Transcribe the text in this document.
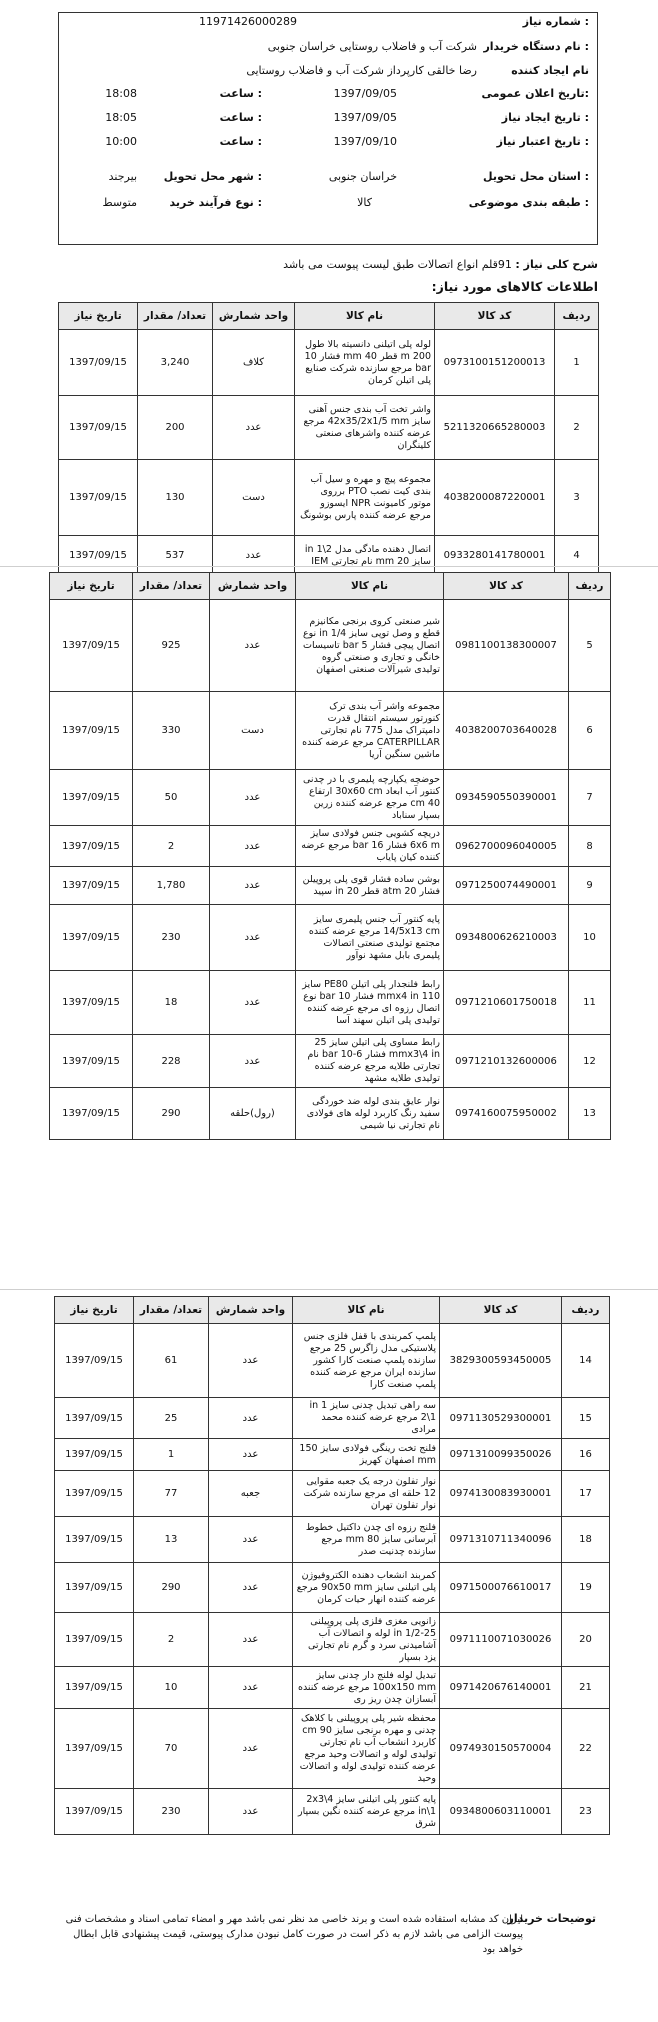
شماره نیاز :
11971426000289
نام دستگاه خریدار :
شرکت آب و فاضلاب روستایی خراسان جنوبی
نام ایجاد کننده
رضا خالقی کارپرداز شرکت آب و فاضلاب روستایی
تاریخ اعلان عمومی:
1397/09/05
ساعت :
18:08
تاریخ ایجاد نیاز :
1397/09/05
ساعت :
18:05
تاریخ اعتبار نیاز :
1397/09/10
ساعت :
10:00
استان محل تحویل :
خراسان جنوبی
شهر محل تحویل :
بیرجند
طبقه بندی موضوعی :
کالا
نوع فرآیند خرید :
متوسط
شرح کلی نیاز : 91قلم انواع اتصالات طبق لیست پیوست می باشد
اطلاعات کالاهای مورد نیاز:
ردیف	کد کالا	نام کالا	واحد شمارش	تعداد/ مقدار	تاریخ نیاز
1	0973100151200013	لوله پلی اتیلنی دانسیته بالا طول 200 m قطر 40 mm فشار 10 bar مرجع سازنده شرکت صنایع پلی اتیلن کرمان	کلاف	3,240	1397/09/15
2	5211320665280003	واشر تخت آب بندی جنس آهنی سایز 42x35/2x1/5 mm مرجع عرضه کننده واشرهای صنعتی کلینگران	عدد	200	1397/09/15
3	4038200087220001	مجموعه پیچ و مهره و سیل آب بندی کیت نصب PTO برروی موتور کامیونت NPR ایسوزو مرجع عرضه کننده پارس بوشونگ	دست	130	1397/09/15
4	0933280141780001	اتصال دهنده مادگی مدل 2\1 in سایز 20 mm نام تجارتی IEM	عدد	537	1397/09/15
ردیف	کد کالا	نام کالا	واحد شمارش	تعداد/ مقدار	تاریخ نیاز
5	0981100138300007	شیر صنعتی کروی برنجی مکانیزم قطع و وصل توپی سایز 1/4 in نوع اتصال پیچی فشار 5 bar تاسیسات خانگی و تجاری و صنعتی گروه تولیدی شیرآلات صنعتی اصفهان	عدد	925	1397/09/15
6	4038200703640028	مجموعه واشر آب بندی ترک کنورتور سیستم انتقال قدرت دامپتراک مدل 775 نام تجارتی CATERPILLAR مرجع عرضه کننده ماشین سنگین آریا	دست	330	1397/09/15
7	0934590550390001	حوضچه یکپارچه پلیمری با در چدنی کنتور آب ابعاد 30x60 cm ارتفاع 40 cm مرجع عرضه کننده زرین بسپار سناباد	عدد	50	1397/09/15
8	0962700096040005	دریچه کشویی جنس فولادی سایز 6x6 m فشار 16 bar مرجع عرضه کننده کیان پایاب	عدد	2	1397/09/15
9	0971250074490001	بوشن ساده فشار قوی پلی پروپیلن فشار 20 atm قطر 20 in سپید	عدد	1,780	1397/09/15
10	0934800626210003	پایه کنتور آب جنس پلیمری سایز 14/5x13 cm مرجع عرضه کننده مجتمع تولیدی صنعتی اتصالات پلیمری بابل مشهد نوآور	عدد	230	1397/09/15
11	0971210601750018	رابط فلنجدار پلی اتیلن PE80 سایز 110 mmx4 in فشار 10 bar نوع اتصال رزوه ای مرجع عرضه کننده تولیدی پلی اتیلن سهند آسا	عدد	18	1397/09/15
12	0971210132600006	رابط مساوی پلی اتیلن سایز 25 mmx3\4 in فشار 6-10 bar نام تجارتی طلایه مرجع عرضه کننده تولیدی طلایه مشهد	عدد	228	1397/09/15
13	0974160075950002	نوار عایق بندی لوله ضد خوردگی سفید رنگ کاربرد لوله های فولادی نام تجارتی نیا شیمی	(رول)حلقه	290	1397/09/15
ردیف	کد کالا	نام کالا	واحد شمارش	تعداد/ مقدار	تاریخ نیاز
14	3829300593450005	پلمپ کمربندی با قفل فلزی جنس پلاستیکی مدل زاگرس 25 مرجع سازنده پلمپ صنعت کارا کشور سازنده ایران مرجع عرضه کننده پلمپ صنعت کارا	عدد	61	1397/09/15
15	0971130529300001	سه راهی تبدیل چدنی سایز 1 in 2\1 مرجع عرضه کننده محمد مرادی	عدد	25	1397/09/15
16	0971310099350026	فلنج تخت رینگی فولادی سایز 150 mm اصفهان کهریز	عدد	1	1397/09/15
17	0974130083930001	نوار تفلون درجه یک جعبه مقوایی 12 حلقه ای مرجع سازنده شرکت نوار تفلون تهران	جعبه	77	1397/09/15
18	0971310711340096	فلنج رزوه ای چدن داکتیل خطوط آبرسانی سایز 80 mm مرجع سازنده چدنیت صدر	عدد	13	1397/09/15
19	0971500076610017	کمربند انشعاب دهنده الکتروفیوژن پلی اتیلنی سایز 90x50 mm مرجع عرضه کننده انهار حیات کرمان	عدد	290	1397/09/15
20	0971110071030026	زانویی مغزی فلزی پلی پروپیلنی 25-1/2 in لوله و اتصالات آب آشامیدنی سرد و گرم نام تجارتی یزد بسپار	عدد	2	1397/09/15
21	0971420676140001	تبدیل لوله فلنج دار چدنی سایز 100x150 mm مرجع عرضه کننده آبسازان چدن ریز ری	عدد	10	1397/09/15
22	0974930150570004	محفظه شیر پلی پروپیلنی با کلاهک چدنی و مهره برنجی سایز 90 cm کاربرد انشعاب آب نام تجارتی تولیدی لوله و اتصالات وحید مرجع عرضه کننده تولیدی لوله و اتصالات وحید	عدد	70	1397/09/15
23	0934800603110001	پایه کنتور پلی اتیلنی سایز 2x3\4 in\1 مرجع عرضه کننده نگین بسپار شرق	عدد	230	1397/09/15
توضیحات خریدار
ایران کد مشابه استفاده شده است و برند خاصی مد نظر نمی باشد مهر و امضاء تمامی اسناد و مشخصات فنی پیوست الزامی می باشد لازم به ذکر است در صورت کامل نبودن مدارک پیوستی، قیمت پیشنهادی قابل ابطال خواهد بود
